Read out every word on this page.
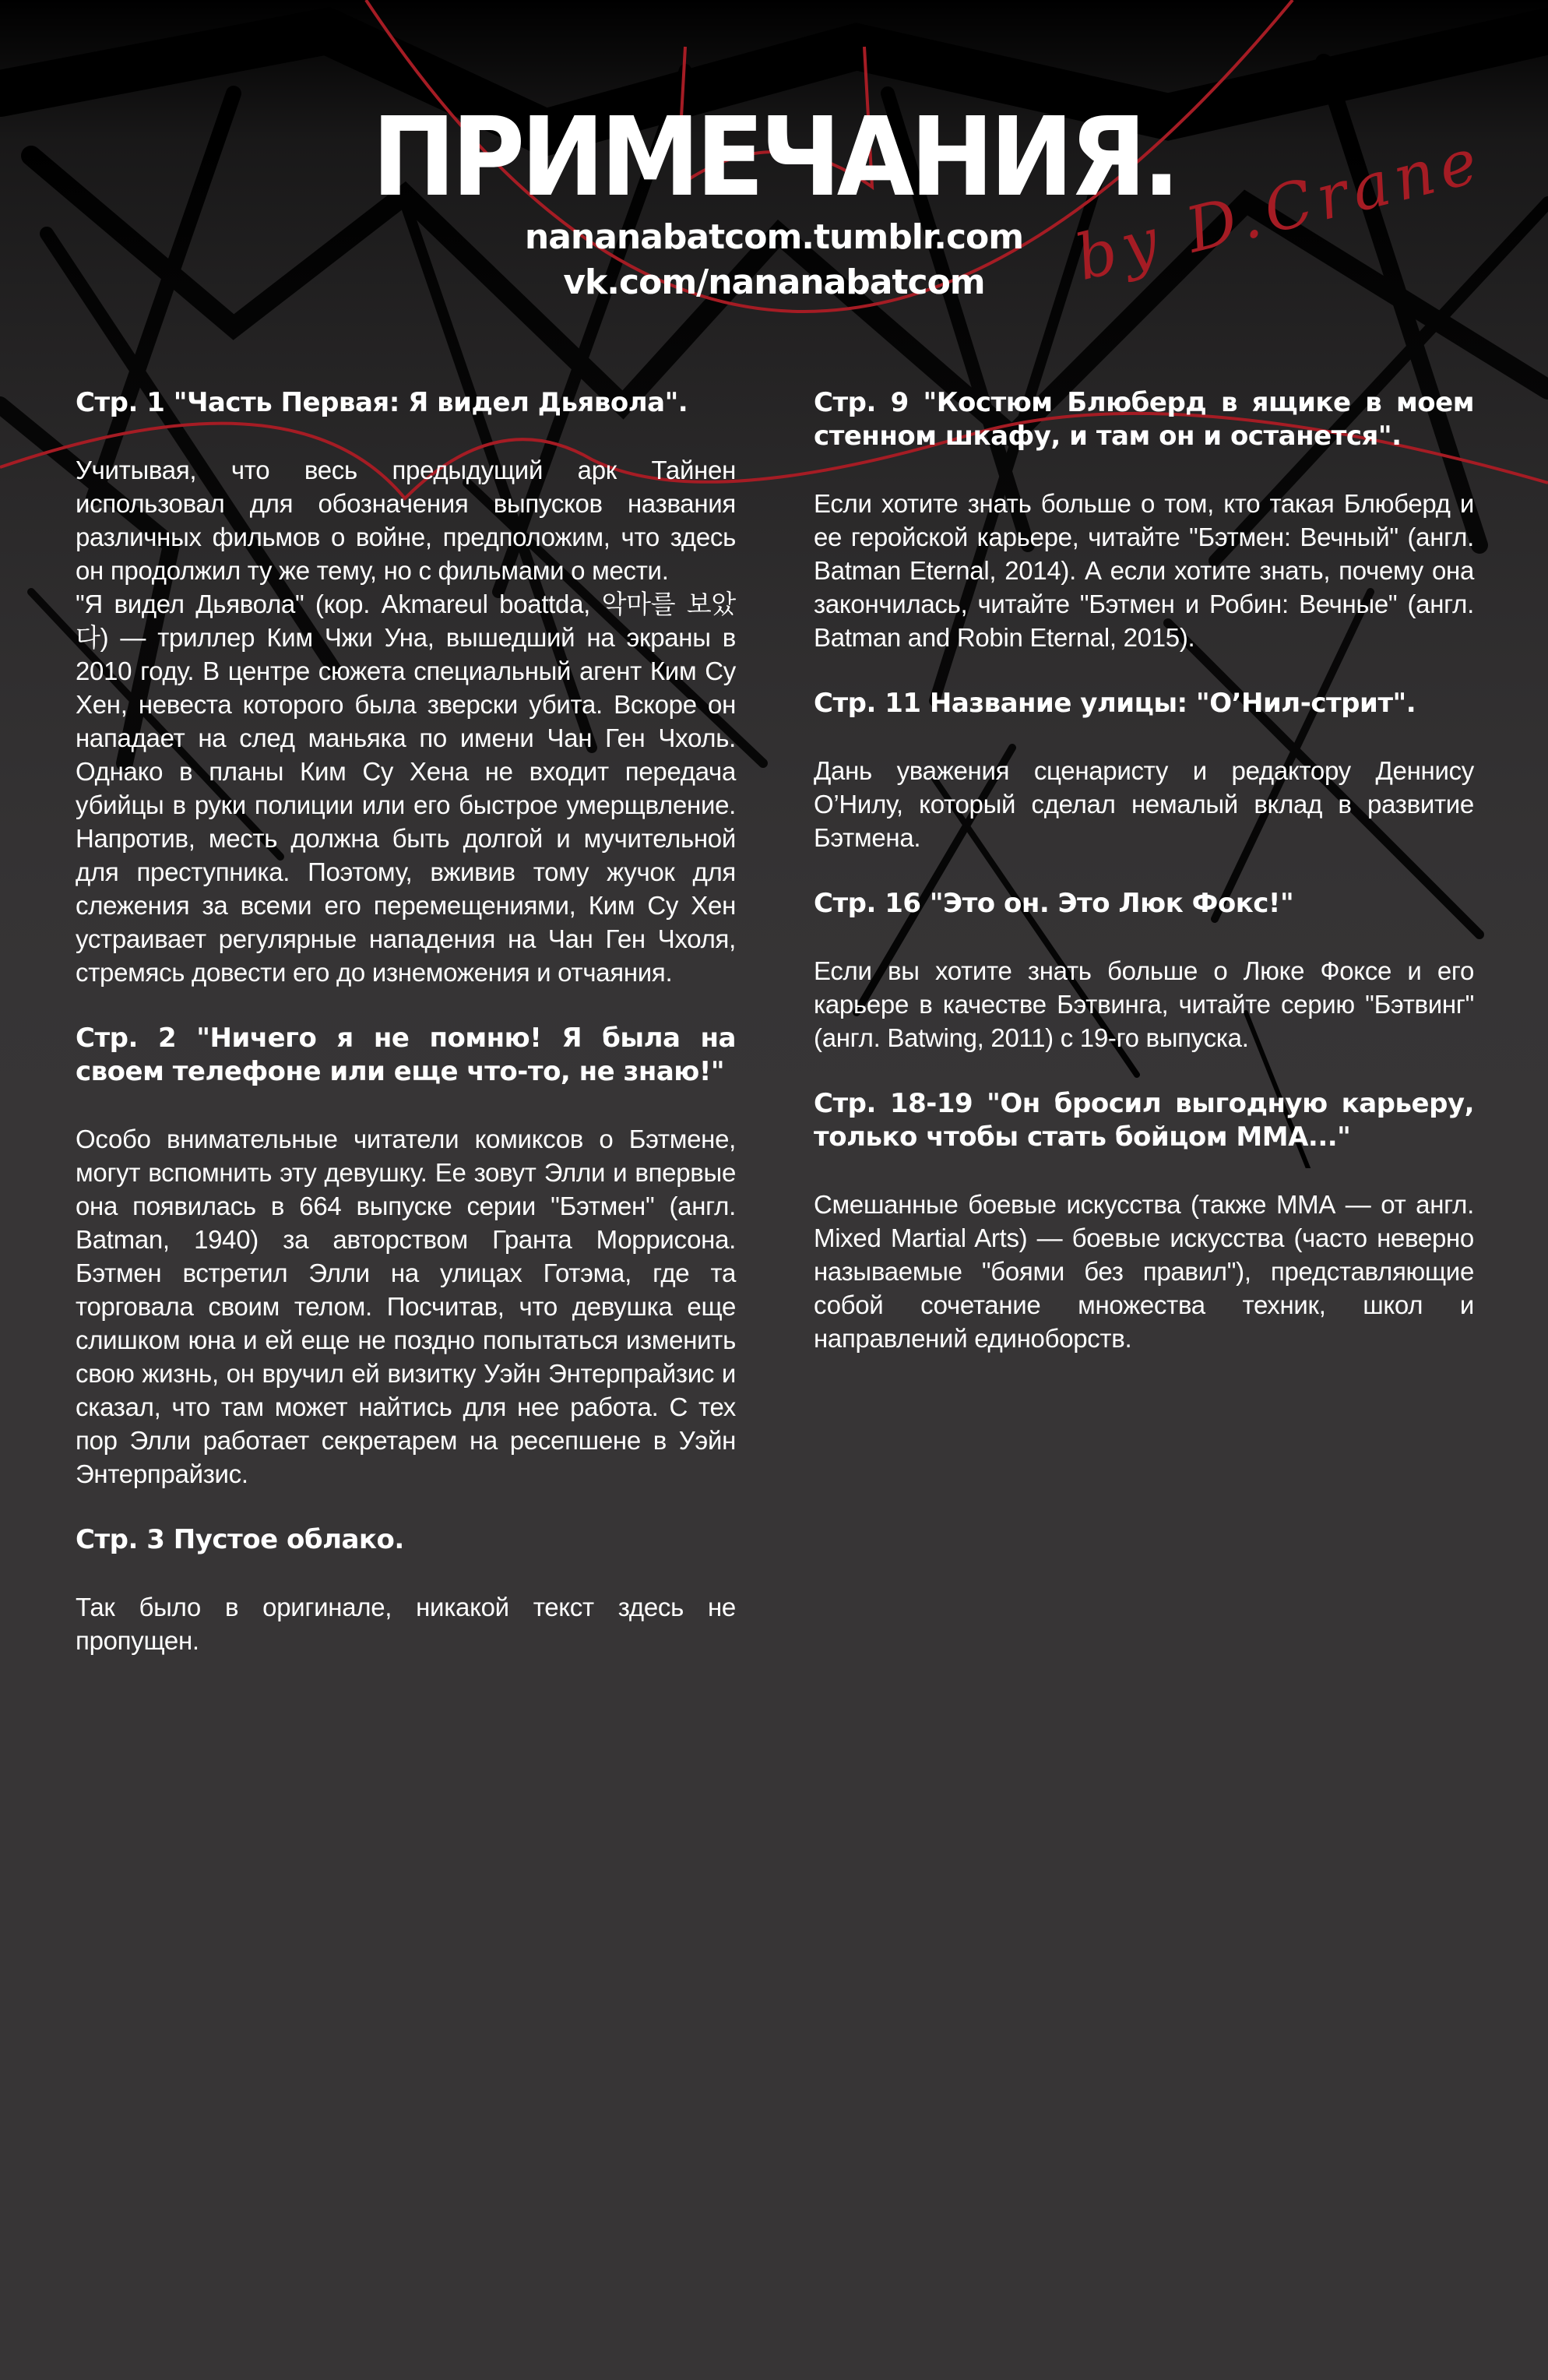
ПРИМЕЧАНИЯ.
nananabatcom.tumblr.com
vk.com/nananabatcom	by D.Crane
Стр. 1 "Часть Первая: Я видел Дьявола".

Учитывая, что весь предыдущий арк Тайнен использовал для обозначения выпусков названия различных фильмов о войне, предположим, что здесь он продолжил ту же тему, но с фильмами о мести.

"Я видел Дьявола" (кор. Akmareul boattda, 악마를 보았다) — триллер Ким Чжи Уна, вышедший на экраны в 2010 году. В центре сюжета специальный агент Ким Су Хен, невеста которого была зверски убита. Вскоре он нападает на след маньяка по имени Чан Ген Чхоль. Однако в планы Ким Су Хена не входит передача убийцы в руки полиции или его быстрое умерщвление. Напротив, месть должна быть долгой и мучительной для преступника. Поэтому, вживив тому жучок для слежения за всеми его перемещениями, Ким Су Хен устраивает регулярные нападения на Чан Ген Чхоля, стремясь довести его до изнеможения и отчаяния.

Стр. 2 "Ничего я не помню! Я была на своем телефоне или еще что-то, не знаю!"

Особо внимательные читатели комиксов о Бэтмене, могут вспомнить эту девушку. Ее зовут Элли и впервые она появилась в 664 выпуске серии "Бэтмен" (англ. Batman, 1940) за авторством Гранта Моррисона. Бэтмен встретил Элли на улицах Готэма, где та торговала своим телом. Посчитав, что девушка еще слишком юна и ей еще не поздно попытаться изменить свою жизнь, он вручил ей визитку Уэйн Энтерпрайзис и сказал, что там может найтись для нее работа. С тех пор Элли работает секретарем на ресепшене в Уэйн Энтерпрайзис.

Стр. 3 Пустое облако.

Так было в оригинале, никакой текст здесь не пропущен.

Стр. 9 "Костюм Блюберд в ящике в моем стенном шкафу, и там он и останется".

Если хотите знать больше о том, кто такая Блюберд и ее геройской карьере, читайте "Бэтмен: Вечный" (англ. Batman Eternal, 2014). А если хотите знать, почему она закончилась, читайте "Бэтмен и Робин: Вечные" (англ. Batman and Robin Eternal, 2015).

Стр. 11 Название улицы: "О’Нил-стрит".

Дань уважения сценаристу и редактору Деннису О’Нилу, который сделал немалый вклад в развитие Бэтмена.

Стр. 16 "Это он. Это Люк Фокс!"

Если вы хотите знать больше о Люке Фоксе и его карьере в качестве Бэтвинга, читайте серию "Бэтвинг" (англ. Batwing, 2011) с 19-го выпуска.

Стр. 18-19 "Он бросил выгодную карьеру, только чтобы стать бойцом ММА..."

Смешанные боевые искусства (также ММА — от англ. Mixed Martial Arts) — боевые искусства (часто неверно называемые "боями без правил"), представляющие собой сочетание множества техник, школ и направлений единоборств.
